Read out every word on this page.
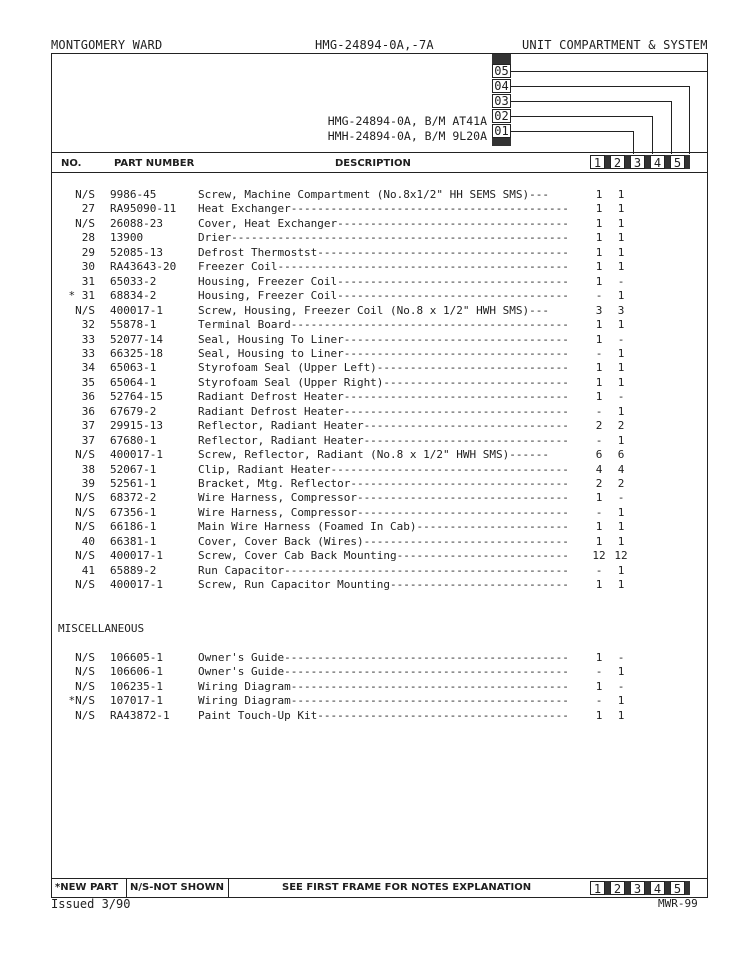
MONTGOMERY WARD	HMG-24894-0A,-7A	UNIT COMPARTMENT & SYSTEM
05
04
03
02
01
HMG-24894-0A, B/M AT41A
HMH-24894-0A, B/M 9L20A
NO.	PART NUMBER	DESCRIPTION	1	2	3	4	5
N/S 9986-45	Screw, Machine Compartment (No.8x1/2" HH SEMS SMS)---	1	1
27 RA95090-11 Heat Exchanger------------------------------------------	1	1
N/S 26088-23	Cover, Heat Exchanger-----------------------------------	1	1
28 13900	Drier---------------------------------------------------	1	1
29 52085-13	Defrost Thermostst--------------------------------------	1	1
30 RA43643-20 Freezer Coil--------------------------------------------	1	1
31 65033-2	Housing, Freezer Coil-----------------------------------	1	-
* 31 68834-2	Housing, Freezer Coil-----------------------------------	-	1
N/S 400017-1	Screw, Housing, Freezer Coil (No.8 x 1/2" HWH SMS)---	3	3
32 55878-1	Terminal Board------------------------------------------	1	1
33 52077-14	Seal, Housing To Liner----------------------------------	1	-
33 66325-18	Seal, Housing to Liner----------------------------------	-	1
34 65063-1	Styrofoam Seal (Upper Left)-----------------------------	1	1
35 65064-1	Styrofoam Seal (Upper Right)----------------------------	1	1
36 52764-15	Radiant Defrost Heater----------------------------------	1	-
36 67679-2	Radiant Defrost Heater----------------------------------	-	1
37 29915-13	Reflector, Radiant Heater-------------------------------	2	2
37 67680-1	Reflector, Radiant Heater-------------------------------	-	1
N/S 400017-1	Screw, Reflector, Radiant (No.8 x 1/2" HWH SMS)------	6	6
38 52067-1	Clip, Radiant Heater------------------------------------	4	4
39 52561-1	Bracket, Mtg. Reflector---------------------------------	2	2
N/S 68372-2	Wire Harness, Compressor--------------------------------	1	-
N/S 67356-1	Wire Harness, Compressor--------------------------------	-	1
N/S 66186-1	Main Wire Harness (Foamed In Cab)-----------------------	1	1
40 66381-1	Cover, Cover Back (Wires)-------------------------------	1	1
N/S 400017-1	Screw, Cover Cab Back Mounting--------------------------	12 12
41 65889-2	Run Capacitor-------------------------------------------	-	1
N/S 400017-1	Screw, Run Capacitor Mounting---------------------------	1	1
MISCELLANEOUS
N/S 106605-1	Owner's Guide-------------------------------------------	1	-
N/S 106606-1	Owner's Guide-------------------------------------------	-	1
N/S 106235-1	Wiring Diagram------------------------------------------	1	-
*N/S 107017-1	Wiring Diagram------------------------------------------	-	1
N/S RA43872-1	Paint Touch-Up Kit--------------------------------------	1	1
*NEW PART N/S-NOT SHOWN	SEE FIRST FRAME FOR NOTES EXPLANATION	1	2	3	4	5
Issued 3/90	MWR-99
